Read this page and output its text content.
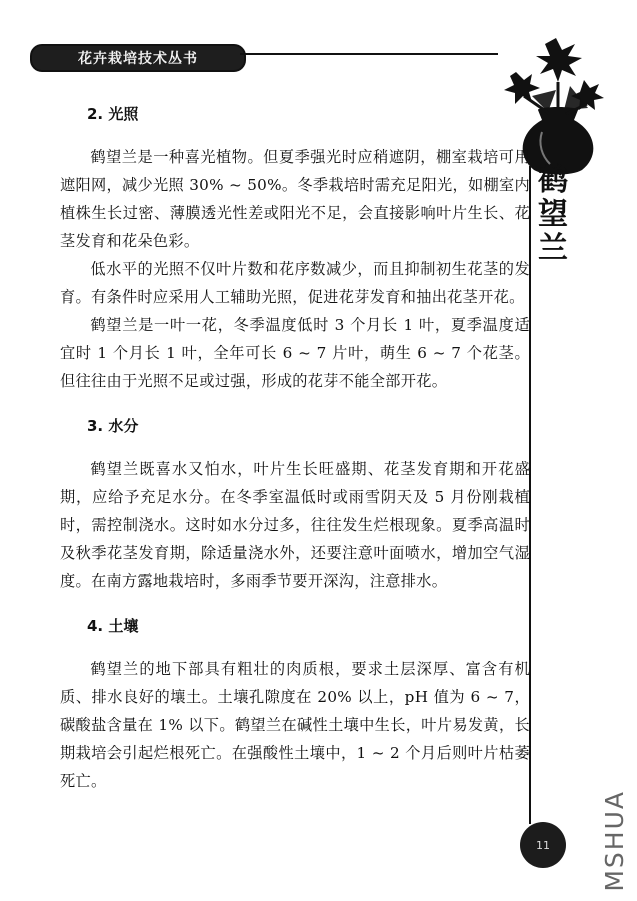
花卉栽培技术丛书
鹤
望
兰
2. 光照

鹤望兰是一种喜光植物。但夏季强光时应稍遮阴，棚室栽培可用遮阳网，减少光照 30% ~ 50%。冬季栽培时需充足阳光，如棚室内植株生长过密、薄膜透光性差或阳光不足，会直接影响叶片生长、花茎发育和花朵色彩。

低水平的光照不仅叶片数和花序数减少，而且抑制初生花茎的发育。有条件时应采用人工辅助光照，促进花芽发育和抽出花茎开花。

鹤望兰是一叶一花，冬季温度低时 3 个月长 1 叶，夏季温度适宜时 1 个月长 1 叶，全年可长 6 ~ 7 片叶，萌生 6 ~ 7 个花茎。但往往由于光照不足或过强，形成的花芽不能全部开花。

3. 水分

鹤望兰既喜水又怕水，叶片生长旺盛期、花茎发育期和开花盛期，应给予充足水分。在冬季室温低时或雨雪阴天及 5 月份刚栽植时，需控制浇水。这时如水分过多，往往发生烂根现象。夏季高温时及秋季花茎发育期，除适量浇水外，还要注意叶面喷水，增加空气湿度。在南方露地栽培时，多雨季节要开深沟，注意排水。

4. 土壤

鹤望兰的地下部具有粗壮的肉质根，要求土层深厚、富含有机质、排水良好的壤土。土壤孔隙度在 20% 以上，pH 值为 6 ~ 7，碳酸盐含量在 1% 以下。鹤望兰在碱性土壤中生长，叶片易发黄，长期栽培会引起烂根死亡。在强酸性土壤中，1 ~ 2 个月后则叶片枯萎死亡。

11 MSHUA
